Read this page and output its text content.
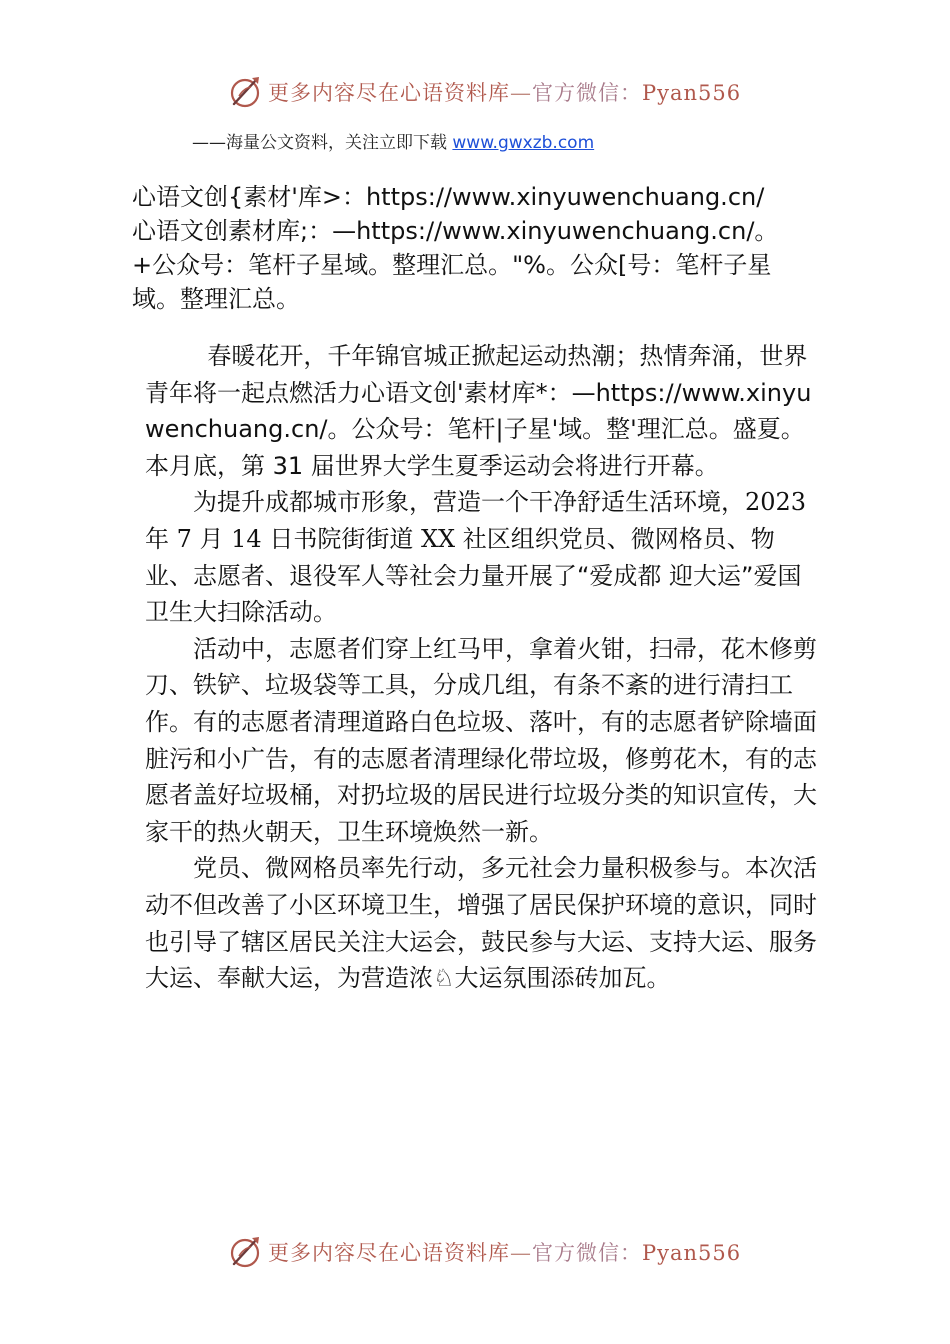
更多内容尽在心语资料库—官方微信：Pyan556
——海量公文资料，关注立即下载 www.gwxzb.com

心语文创{素材'库>：https://www.xinyuwenchuang.cn/

心语文创素材库;：—https://www.xinyuwenchuang.cn/。

+公众号：笔杆子星域。整理汇总。"%。公众[号：笔杆子星

域。整理汇总。

春暖花开，千年锦官城正掀起运动热潮；热情奔涌，世界青年将一起点燃活力心语文创'素材库*：—https://www.xinyuwenchuang.cn/。公众号：笔杆|子星'域。整'理汇总。盛夏。本月底，第 31 届世界大学生夏季运动会将进行开幕。

为提升成都城市形象，营造一个干净舒适生活环境，2023 年 7 月 14 日书院街街道 XX 社区组织党员、微网格员、物业、志愿者、退役军人等社会力量开展了“爱成都 迎大运”爱国卫生大扫除活动。

活动中，志愿者们穿上红马甲，拿着火钳，扫帚，花木修剪刀、铁铲、垃圾袋等工具，分成几组，有条不紊的进行清扫工作。有的志愿者清理道路白色垃圾、落叶，有的志愿者铲除墙面脏污和小广告，有的志愿者清理绿化带垃圾，修剪花木，有的志愿者盖好垃圾桶，对扔垃圾的居民进行垃圾分类的知识宣传，大家干的热火朝天，卫生环境焕然一新。

党员、微网格员率先行动，多元社会力量积极参与。本次活动不但改善了小区环境卫生，增强了居民保护环境的意识，同时也引导了辖区居民关注大运会，鼓民参与大运、支持大运、服务大运、奉献大运，为营造浓♘大运氛围添砖加瓦。

更多内容尽在心语资料库—官方微信：Pyan556
